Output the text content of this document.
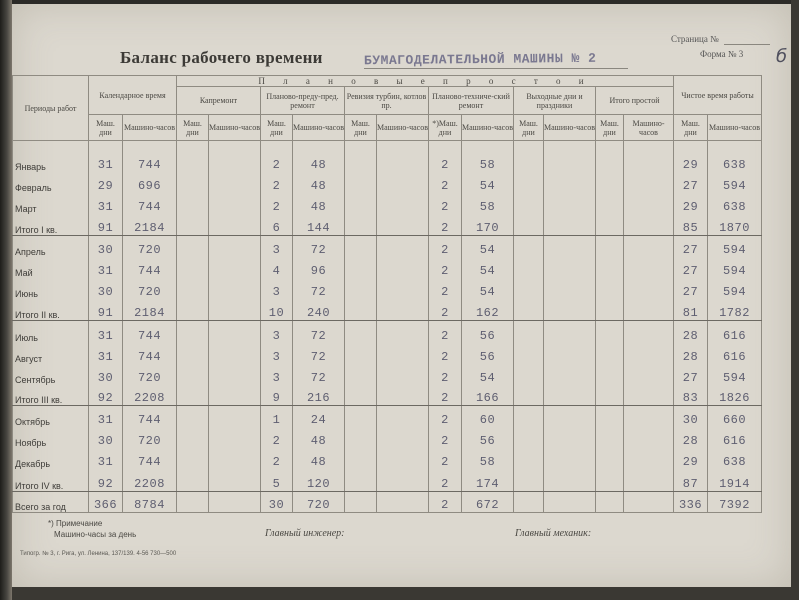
Страница №
Форма № 3 б
Баланс рабочего времени	БУМАГОДЕЛАТЕЛЬНОЙ МАШИНЫ № 2
Периоды работ	Календарное время		П л а н о в ы е п р о с т о и												Чистое время работы	
			Капремонт		Планово-преду-пред. ремонт		Ревизия турбин, котлов пр.		Планово-техниче-ский ремонт		Выходные дни и праздники		Итого простой			
	Маш. дни	Машино-часов	Маш. дни	Машино-часов	Маш. дни	Машино-часов	Маш. дни	Машино-часов	*)Маш. дни	Машино-часов	Маш. дни	Машино-часов	Маш. дни	Машино-часов	Маш. дни	Машино-часов
Январь	31	744			2	48			2	58					29	638
Февраль	29	696			2	48			2	54					27	594
Март	31	744			2	48			2	58					29	638
Итого I кв.	91	2184			6	144			2	170					85	1870
Апрель	30	720			3	72			2	54					27	594
Май	31	744			4	96			2	54					27	594
Июнь	30	720			3	72			2	54					27	594
Итого II кв.	91	2184			10	240			2	162					81	1782
Июль	31	744			3	72			2	56					28	616
Август	31	744			3	72			2	56					28	616
Сентябрь	30	720			3	72			2	54					27	594
Итого III кв.	92	2208			9	216			2	166					83	1826
Октябрь	31	744			1	24			2	60					30	660
Ноябрь	30	720			2	48			2	56					28	616
Декабрь	31	744			2	48			2	58					29	638
Итого IV кв.	92	2208			5	120			2	174					87	1914
Всего за год	366	8784			30	720			2	672					336	7392
*) Примечание
Машино-часы за день	Главный инженер:	Главный механик:
Типогр. № 3, г. Рига, ул. Ленина, 137/139. 4-56 730—500
